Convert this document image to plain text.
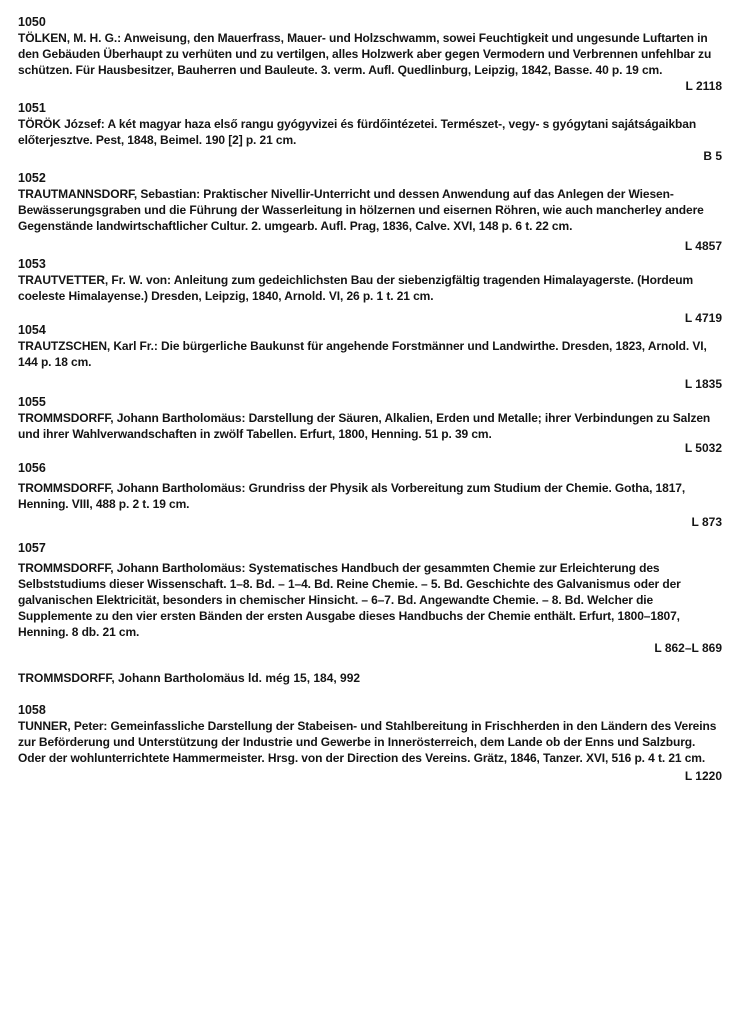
1050

TÖLKEN, M. H. G.: Anweisung, den Mauerfrass, Mauer- und Holzschwamm, sowei Feuchtigkeit und ungesunde Luftarten in den Gebäuden Überhaupt zu verhüten und zu vertilgen, alles Holzwerk aber gegen Vermodern und Verbrennen unfehlbar zu schützen. Für Hausbesitzer, Bauherren und Bauleute. 3. verm. Aufl. Quedlinburg, Leipzig, 1842, Basse. 40 p. 19 cm.

L 2118

1051

TÖRÖK József: A két magyar haza első rangu gyógyvizei és fürdőintézetei. Természet-, vegy- s gyógytani sajátságaikban előterjesztve. Pest, 1848, Beimel. 190 [2] p. 21 cm.

B 5

1052

TRAUTMANNSDORF, Sebastian: Praktischer Nivellir-Unterricht und dessen Anwendung auf das Anlegen der Wiesen-Bewässerungsgraben und die Führung der Wasserleitung in hölzernen und eisernen Röhren, wie auch mancherley andere Gegenstände landwirtschaftlicher Cultur. 2. umgearb. Aufl. Prag, 1836, Calve. XVI, 148 p. 6 t. 22 cm.

L 4857

1053

TRAUTVETTER, Fr. W. von: Anleitung zum gedeichlichsten Bau der siebenzigfältig tragenden Himalayagerste. (Hordeum coeleste Himalayense.) Dresden, Leipzig, 1840, Arnold. VI, 26 p. 1 t. 21 cm.

L 4719

1054

TRAUTZSCHEN, Karl Fr.: Die bürgerliche Baukunst für angehende Forstmänner und Landwirthe. Dresden, 1823, Arnold. VI, 144 p. 18 cm.

L 1835

1055

TROMMSDORFF, Johann Bartholomäus: Darstellung der Säuren, Alkalien, Erden und Metalle; ihrer Verbindungen zu Salzen und ihrer Wahlverwandschaften in zwölf Tabellen. Erfurt, 1800, Henning. 51 p. 39 cm.

L 5032

1056

TROMMSDORFF, Johann Bartholomäus: Grundriss der Physik als Vorbereitung zum Studium der Chemie. Gotha, 1817, Henning. VIII, 488 p. 2 t. 19 cm.

L 873

1057

TROMMSDORFF, Johann Bartholomäus: Systematisches Handbuch der gesammten Chemie zur Erleichterung des Selbststudiums dieser Wissenschaft. 1–8. Bd. – 1–4. Bd. Reine Chemie. – 5. Bd. Geschichte des Galvanismus oder der galvanischen Elektricität, besonders in chemischer Hinsicht. – 6–7. Bd. Angewandte Chemie. – 8. Bd. Welcher die Supplemente zu den vier ersten Bänden der ersten Ausgabe dieses Handbuchs der Chemie enthält. Erfurt, 1800–1807, Henning. 8 db. 21 cm.

L 862–L 869

TROMMSDORFF, Johann Bartholomäus ld. még 15, 184, 992

1058

TUNNER, Peter: Gemeinfassliche Darstellung der Stabeisen- und Stahlbereitung in Frischherden in den Ländern des Vereins zur Beförderung und Unterstützung der Industrie und Gewerbe in Innerösterreich, dem Lande ob der Enns und Salzburg. Oder der wohlunterrichtete Hammermeister. Hrsg. von der Direction des Vereins. Grätz, 1846, Tanzer. XVI, 516 p. 4 t. 21 cm.

L 1220
